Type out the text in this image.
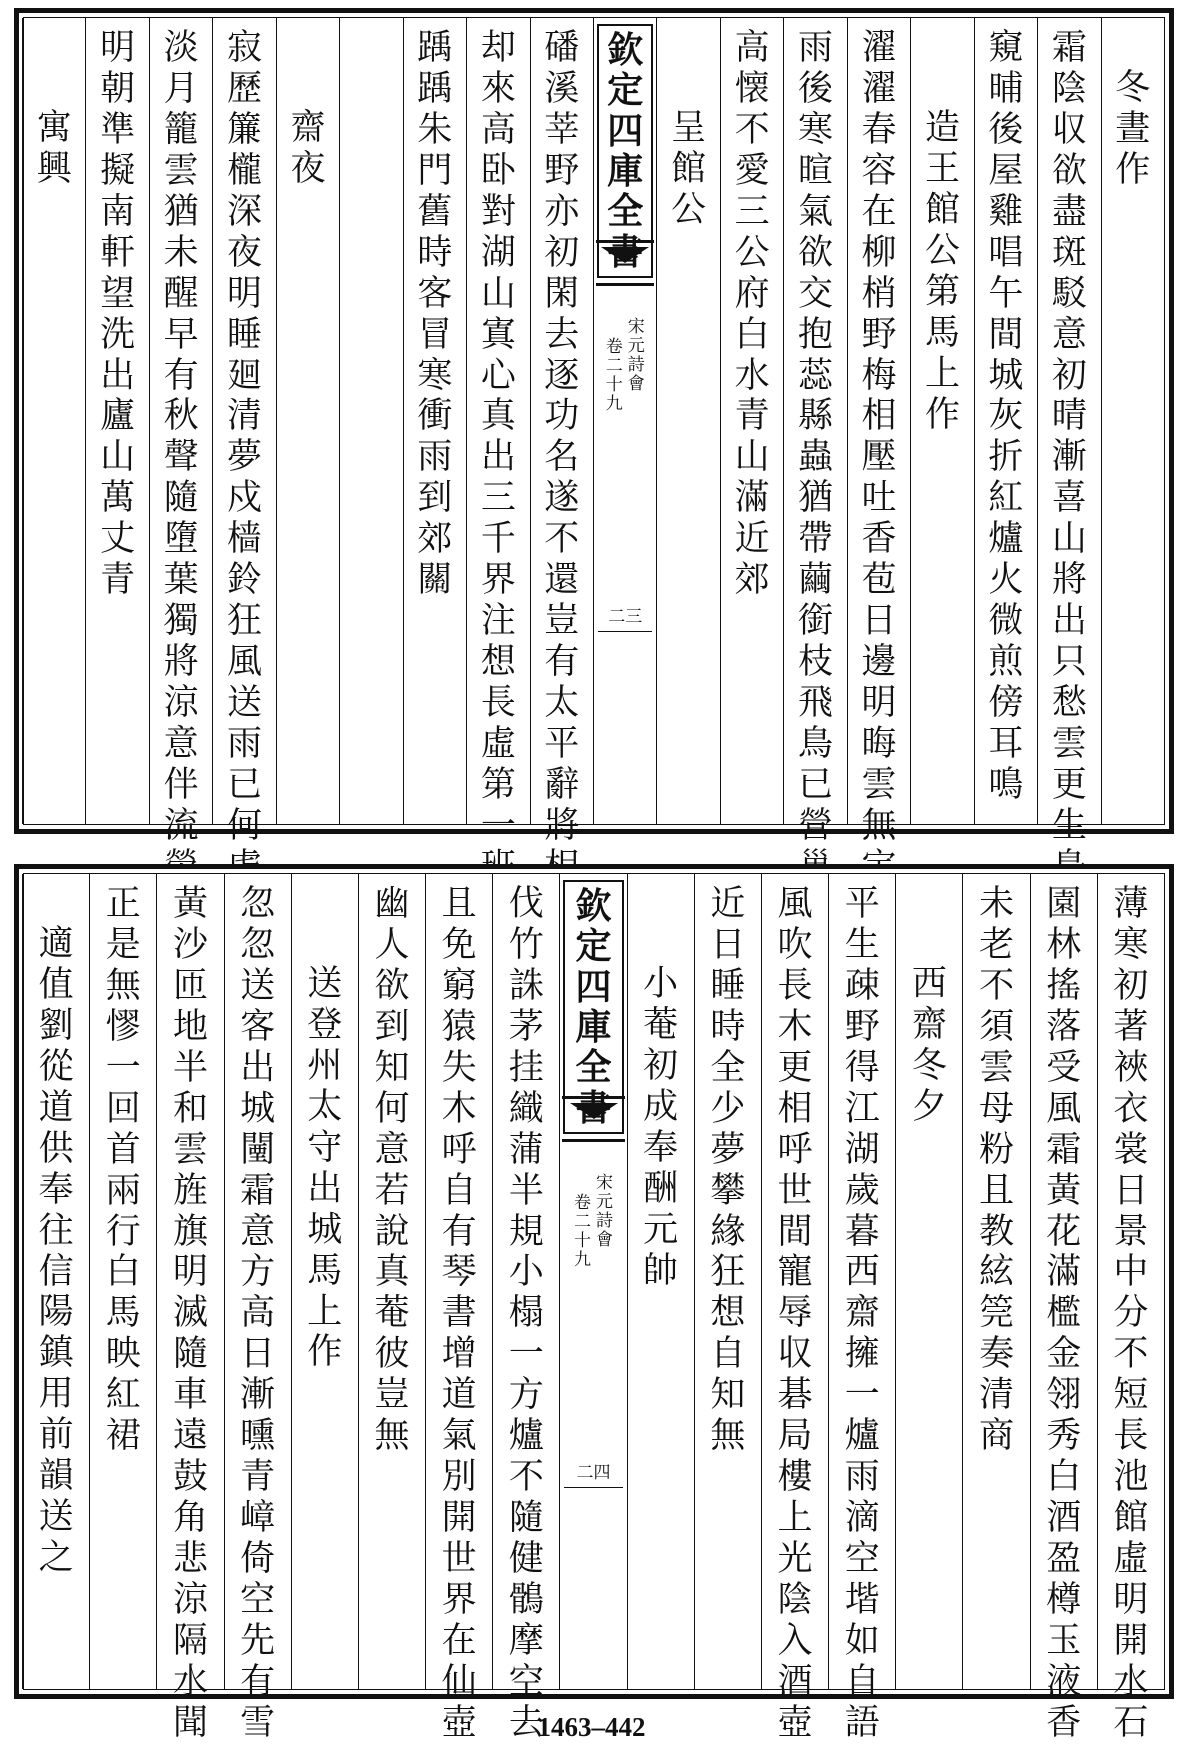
冬
晝
作
霜
陰
収
欲
盡
斑
駁
意
初
晴
漸
喜
山
將
出
只
愁
雲
更
生
窺
晡
後
屋
雞
唱
午
間
城
灰
折
紅
爐
火
微
煎
傍
耳
鳴
造
王
館
公
第
馬
上
作
濯
濯
春
容
在
柳
梢
野
梅
相
壓
吐
香
苞
日
邊
明
晦
雲
無
雨
後
寒
暄
氣
欲
交
抱
蕊
縣
蟲
猶
帶
繭
銜
枝
飛
鳥
已
營
高
懐
不
愛
三
公
府
白
水
青
山
滿
近
郊
呈
館
公
欽
定
四
庫
全
書
宋
元
詩
會
卷
二
十
九
二三
磻
溪
莘
野
亦
初
閑
去
逐
功
名
遂
不
還
豈
有
太
平
辭
將
却
來
高
卧
對
湖
山
寘
心
真
出
三
千
界
注
想
長
虛
第
一
踽
踽
朱
門
舊
時
客
冒
寒
衝
雨
到
郊
關
齋
夜
寂
歷
簾
櫳
深
夜
明
睡
廻
清
夢
戍
樯
鈴
狂
風
送
雨
已
何
淡
月
籠
雲
猶
未
醒
早
有
秋
聲
隨
墮
葉
獨
將
涼
意
伴
流
明
朝
準
擬
南
軒
望
洗
出
廬
山
萬
丈
青
寓
興
薄
寒
初
著
裌
衣
裳
日
景
中
分
不
短
長
池
館
虛
明
開
水
石
園
林
搖
落
受
風
霜
黃
花
滿
檻
金
翎
秀
白
酒
盈
樽
玉
液
香
未
老
不
須
雲
母
粉
且
教
絃
筦
奏
清
商
西
齋
冬
夕
平
生
疎
野
得
江
湖
歲
暮
西
齋
擁
一
爐
雨
滴
空
堦
如
自
語
風
吹
長
木
更
相
呼
世
間
寵
辱
収
碁
局
樓
上
光
陰
入
酒
壺
近
日
睡
時
全
少
夢
攀
緣
狂
想
自
知
無
小
菴
初
成
奉
酬
元
帥
欽
定
四
庫
全
書
宋
元
詩
會
卷
二
十
九
二四
伐
竹
誅
茅
挂
織
蒲
半
規
小
榻
一
方
爐
不
隨
健
鶻
摩
空
去
且
免
窮
猿
失
木
呼
自
有
琴
書
增
道
氣
別
開
世
界
在
仙
壺
幽
人
欲
到
知
何
意
若
說
真
菴
彼
豈
無
送
登
州
太
守
出
城
馬
上
作
忽
忽
送
客
出
城
闉
霜
意
方
高
日
漸
曛
青
嶂
倚
空
先
有
雪
黃
沙
匝
地
半
和
雲
旌
旗
明
滅
隨
車
遠
鼓
角
悲
涼
隔
水
聞
正
是
無
憀
一
回
首
兩
行
白
馬
映
紅
裙
適
值
劉
從
道
供
奉
往
信
陽
鎮
用
前
韻
送
之
1463–442
